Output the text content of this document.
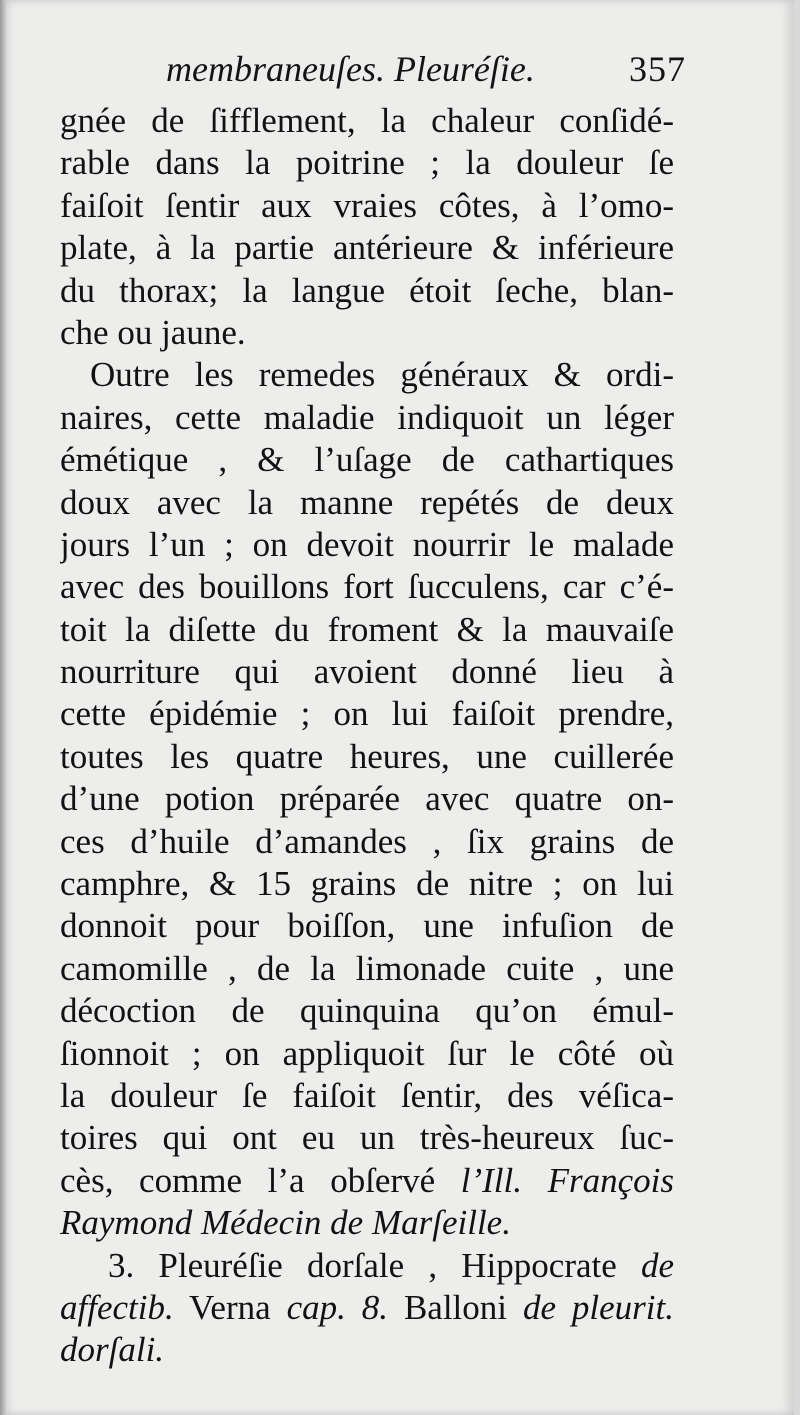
membraneuſes. Pleuréſie.	357
gnée de ſifflement, la chaleur conſidé-
rable dans la poitrine ; la douleur ſe
faiſoit ſentir aux vraies côtes, à l’omo-
plate, à la partie antérieure & inférieure
du thorax; la langue étoit ſeche, blan-
che ou jaune.
Outre les remedes généraux & ordi-
naires, cette maladie indiquoit un léger
émétique , & l’uſage de cathartiques
doux avec la manne repétés de deux
jours l’un ; on devoit nourrir le malade
avec des bouillons fort ſucculens, car c’é-
toit la diſette du froment & la mauvaiſe
nourriture qui avoient donné lieu à
cette épidémie ; on lui faiſoit prendre,
toutes les quatre heures, une cuillerée
d’une potion préparée avec quatre on-
ces d’huile d’amandes , ſix grains de
camphre, & 15 grains de nitre ; on lui
donnoit pour boiſſon, une infuſion de
camomille , de la limonade cuite , une
décoction de quinquina qu’on émul-
ſionnoit ; on appliquoit ſur le côté où
la douleur ſe faiſoit ſentir, des véſica-
toires qui ont eu un très-heureux ſuc-
cès, comme l’a obſervé l’Ill. François
Raymond Médecin de Marſeille.
3. Pleuréſie dorſale , Hippocrate de
affectib. Verna cap. 8. Balloni de pleurit.
dorſali.
